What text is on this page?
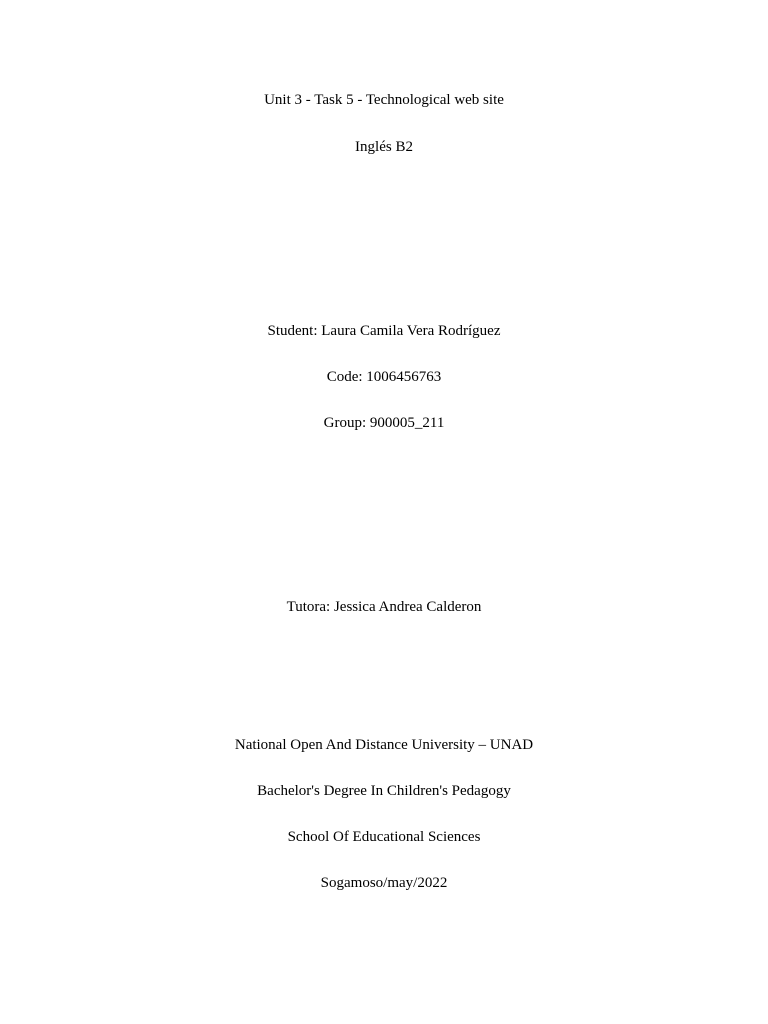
Unit 3 - Task 5 - Technological web site
Inglés B2
Student: Laura Camila Vera Rodríguez
Code: 1006456763
Group: 900005_211
Tutora: Jessica Andrea Calderon
National Open And Distance University – UNAD
Bachelor's Degree In Children's Pedagogy
School Of Educational Sciences
Sogamoso/may/2022
